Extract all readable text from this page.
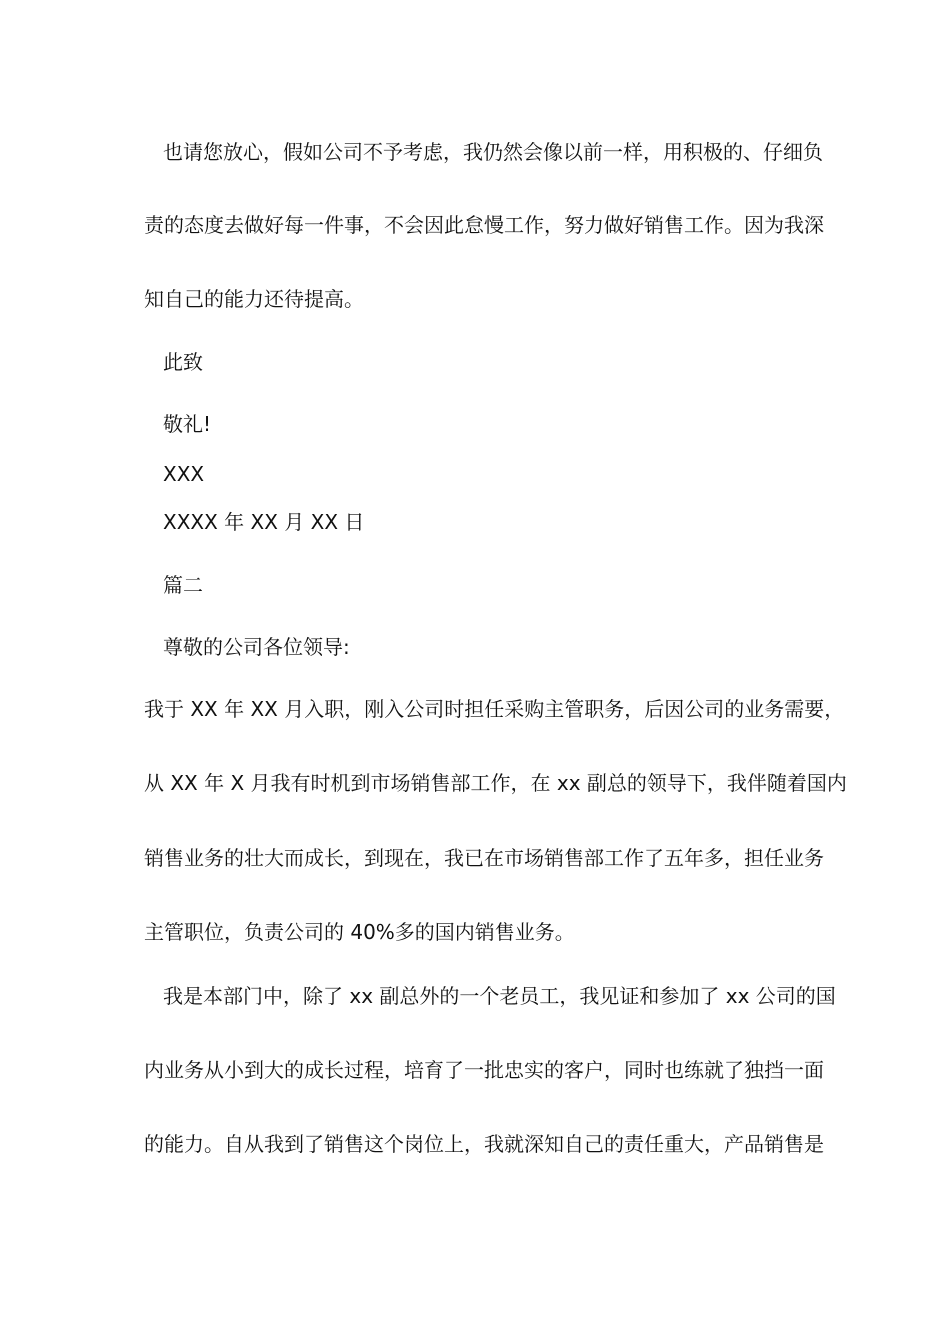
也请您放心，假如公司不予考虑，我仍然会像以前一样，用积极的、仔细负
责的态度去做好每一件事，不会因此怠慢工作，努力做好销售工作。因为我深
知自己的能力还待提高。
此致
敬礼!
XXX
XXXX 年 XX 月 XX 日
篇二
尊敬的公司各位领导:
我于 XX 年 XX 月入职，刚入公司时担任采购主管职务，后因公司的业务需要，
从 XX 年 X 月我有时机到市场销售部工作，在 xx 副总的领导下，我伴随着国内
销售业务的壮大而成长，到现在，我已在市场销售部工作了五年多，担任业务
主管职位，负责公司的 40%多的国内销售业务。
我是本部门中，除了 xx 副总外的一个老员工，我见证和参加了 xx 公司的国
内业务从小到大的成长过程，培育了一批忠实的客户，同时也练就了独挡一面
的能力。自从我到了销售这个岗位上，我就深知自己的责任重大，产品销售是
